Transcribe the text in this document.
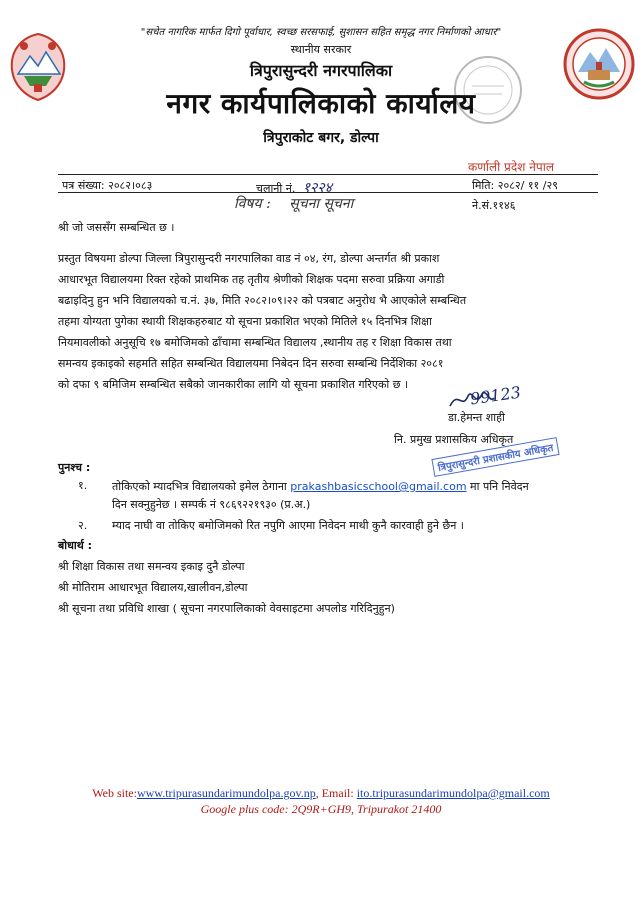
"सचेत नागरिक मार्फत दिगो पूर्वाधार, स्वच्छ सरसफाई, सुशासन सहित समृद्ध नगर निर्माणको आधार"
स्थानीय सरकार
त्रिपुरासुन्दरी नगरपालिका
नगर कार्यपालिकाको कार्यालय
त्रिपुराकोट बगर, डोल्पा
कर्णाली प्रदेश नेपाल
पत्र संख्या: २०८२।०८३	चलानी नं. १२२४	मिति: २०८२/ ११ /२९
विषय : सूचना सूचना	ने.सं.११४६
श्री जो जससँग सम्बन्धित छ ।
प्रस्तुत विषयमा डोल्पा जिल्ला त्रिपुरासुन्दरी नगरपालिका वाड नं ०४, रंग, डोल्पा अन्तर्गत श्री प्रकाश
आधारभूत विद्यालयमा रिक्त रहेको प्राथमिक तह तृतीय श्रेणीको शिक्षक पदमा सरुवा प्रक्रिया अगाडी
बढाइदिनु हुन भनि विद्यालयको च.नं. ३७, मिति २०८२।०९।२२ को पत्रबाट अनुरोध भै आएकोले सम्बन्धित
तहमा योग्यता पुगेका स्थायी शिक्षकहरुबाट यो सूचना प्रकाशित भएको मितिले १५ दिनभित्र शिक्षा
नियमावलीको अनुसूचि १७ बमोजिमको ढाँचामा सम्बन्धित विद्यालय ,स्थानीय तह र शिक्षा विकास तथा
समन्वय इकाइको सहमति सहित सम्बन्धित विद्यालयमा निबेदन दिन सरुवा सम्बन्धि निर्देशिका २०८१
को दफा ९ बमिजिम सम्बन्धित सबैको जानकारीका लागि यो सूचना प्रकाशित गरिएको छ ।	99123
डा.हेमन्त शाही
नि. प्रमुख प्रशासकिय अधिकृत
त्रिपुरासुन्दरी प्रशासकीय अधिकृत
पुनश्च :
१. तोकिएको म्यादभित्र विद्यालयको इमेल ठेगाना prakashbasicschool@gmail.com मा पनि निवेदन
दिन सक्नुहुनेछ । सम्पर्क नं ९८६९२२१९३० (प्र.अ.)
२. म्याद नाघी वा तोकिए बमोजिमको रित नपुगि आएमा निवेदन माथी कुनै कारवाही हुने छैन ।
बोधार्थ :
श्री शिक्षा विकास तथा समन्वय इकाइ दुनै डोल्पा
श्री मोतिराम आधारभूत विद्यालय,खालीवन,डोल्पा
श्री सूचना तथा प्रविधि शाखा ( सूचना नगरपालिकाको वेवसाइटमा अपलोड गरिदिनुहुन)
Web site:www.tripurasundarimundolpa.gov.np, Email: ito.tripurasundarimundolpa@gmail.com
Google plus code: 2Q9R+GH9, Tripurakot 21400
